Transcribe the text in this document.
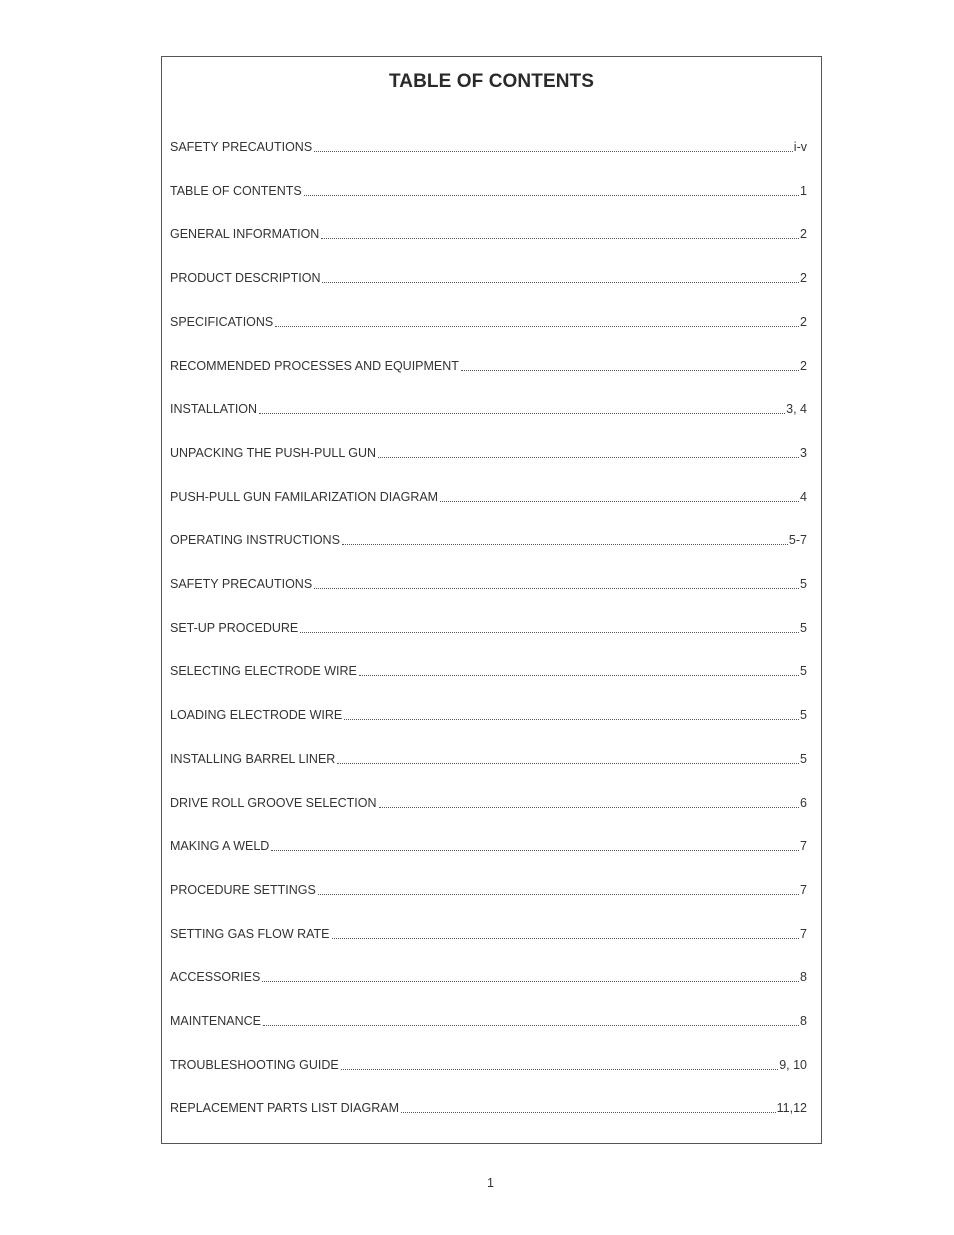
TABLE OF CONTENTS
SAFETY PRECAUTIONS	i-v
TABLE OF CONTENTS	1
GENERAL INFORMATION	2
PRODUCT DESCRIPTION	2
SPECIFICATIONS	2
RECOMMENDED PROCESSES AND EQUIPMENT	2
INSTALLATION	3, 4
UNPACKING THE PUSH-PULL GUN	3
PUSH-PULL GUN FAMILARIZATION DIAGRAM	4
OPERATING INSTRUCTIONS	5-7
SAFETY PRECAUTIONS	5
SET-UP PROCEDURE	5
SELECTING ELECTRODE WIRE	5
LOADING ELECTRODE WIRE	5
INSTALLING BARREL LINER	5
DRIVE ROLL GROOVE SELECTION	6
MAKING A WELD	7
PROCEDURE SETTINGS	7
SETTING GAS FLOW RATE	7
ACCESSORIES	8
MAINTENANCE	8
TROUBLESHOOTING GUIDE	9, 10
REPLACEMENT PARTS LIST DIAGRAM	11,12
1
